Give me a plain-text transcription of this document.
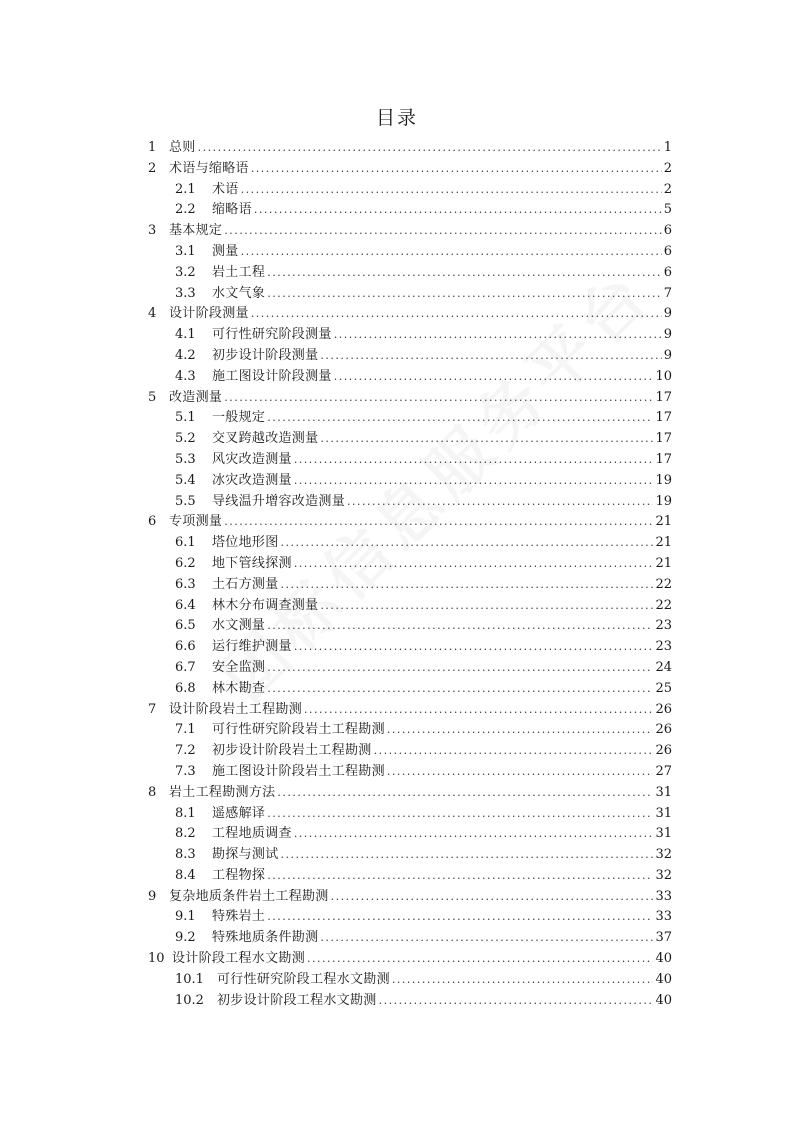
目录
1 总则 .....	1
2 术语与缩略语 .....	2
2.1	术语 .....	2
2.2	缩略语 .....	5
3 基本规定 .....	6
3.1	测量 .....	6
3.2	岩土工程 .....	6
3.3	水文气象 .....	7
4 设计阶段测量 .....	9
4.1	可行性研究阶段测量 .....	9
4.2	初步设计阶段测量 .....	9
4.3	施工图设计阶段测量 .....	10
5 改造测量 .....	17
5.1	一般规定 .....	17
5.2	交叉跨越改造测量 .....	17
5.3	风灾改造测量 .....	17
5.4	冰灾改造测量 .....	19
5.5	导线温升增容改造测量 .....	19
6 专项测量 .....	21
6.1	塔位地形图 .....	21
6.2	地下管线探测 .....	21
6.3	土石方测量 .....	22
6.4	林木分布调查测量 .....	22
6.5	水文测量 .....	23
6.6	运行维护测量 .....	23
6.7	安全监测 .....	24
6.8	林木勘查 .....	25
7 设计阶段岩土工程勘测 .....	26
7.1	可行性研究阶段岩土工程勘测 .....	26
7.2	初步设计阶段岩土工程勘测 .....	26
7.3	施工图设计阶段岩土工程勘测 .....	27
8 岩土工程勘测方法 .....	31
8.1	遥感解译 .....	31
8.2	工程地质调查 .....	31
8.3	勘探与测试 .....	32
8.4	工程物探 .....	32
9 复杂地质条件岩土工程勘测 .....	33
9.1	特殊岩土 .....	33
9.2	特殊地质条件勘测 .....	37
10 设计阶段工程水文勘测 .....	40
10.1	可行性研究阶段工程水文勘测 .....	40
10.2	初步设计阶段工程水文勘测 .....	40
